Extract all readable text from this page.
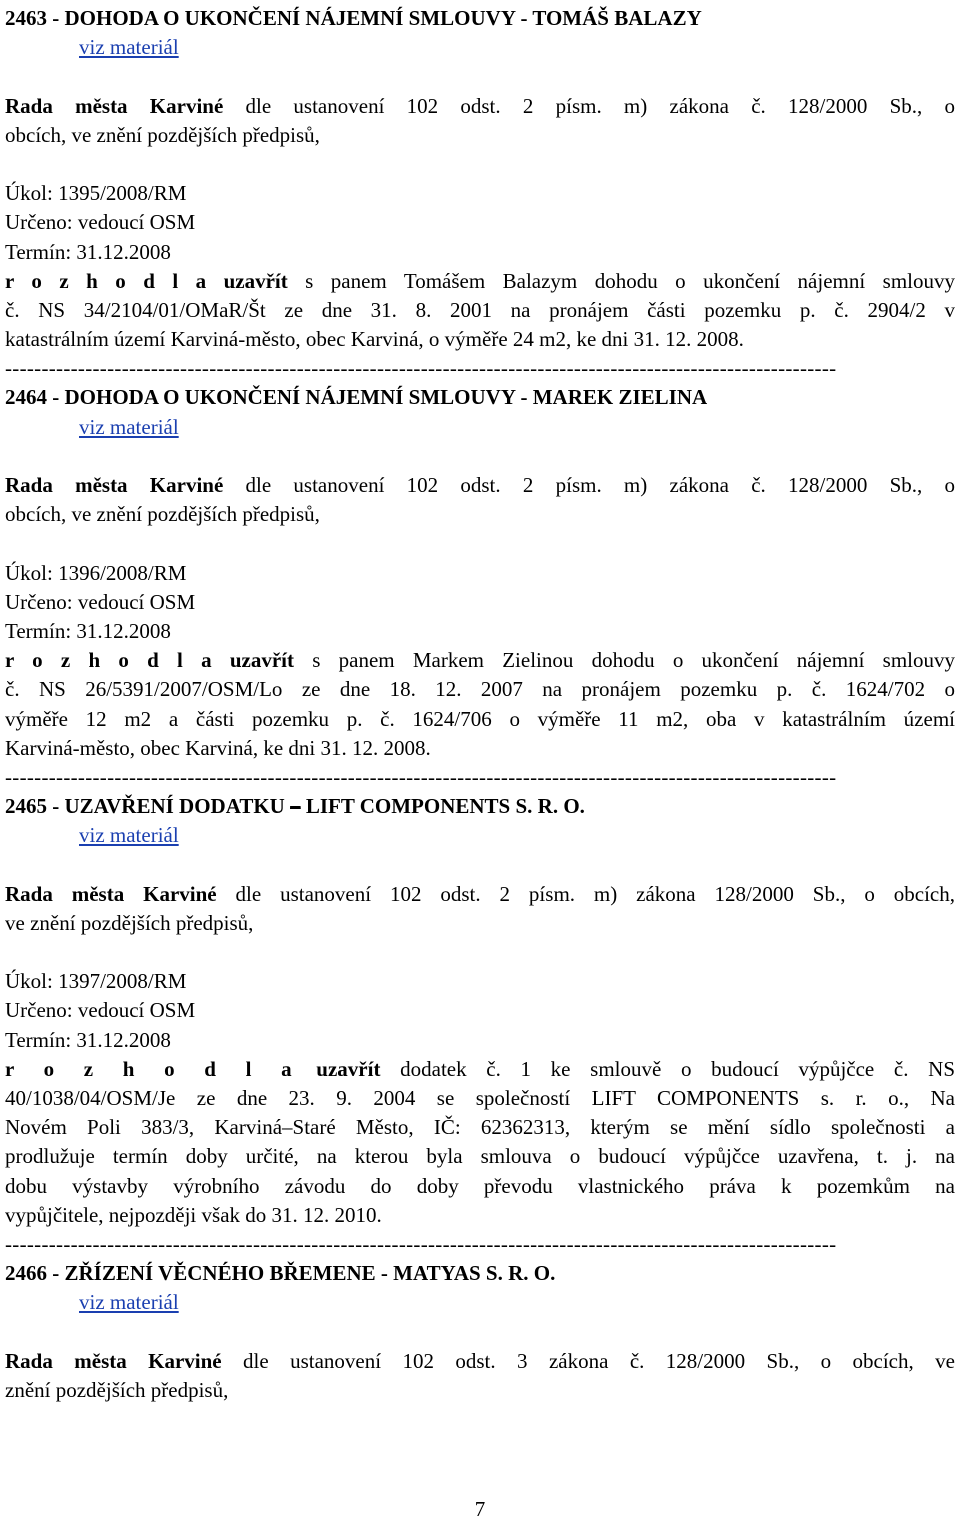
2463 - DOHODA O UKONČENÍ NÁJEMNÍ SMLOUVY - TOMÁŠ BALAZY
viz materiál
Rada města Karviné dle ustanovení 102 odst. 2 písm. m) zákona č. 128/2000 Sb., o
obcích, ve znění pozdějších předpisů,
Úkol: 1395/2008/RM
Určeno: vedoucí OSM
Termín: 31.12.2008
r o z h o d l a uzavřít s panem Tomášem Balazym dohodu o ukončení nájemní smlouvy
č. NS 34/2104/01/OMaR/Št ze dne 31. 8. 2001 na pronájem části pozemku p. č. 2904/2 v
katastrálním území Karviná-město, obec Karviná, o výměře 24 m2, ke dni 31. 12. 2008.
------------------------------------------------------------------------------------------------------------------
2464 - DOHODA O UKONČENÍ NÁJEMNÍ SMLOUVY - MAREK ZIELINA
viz materiál
Rada města Karviné dle ustanovení 102 odst. 2 písm. m) zákona č. 128/2000 Sb., o
obcích, ve znění pozdějších předpisů,
Úkol: 1396/2008/RM
Určeno: vedoucí OSM
Termín: 31.12.2008
r o z h o d l a uzavřít s panem Markem Zielinou dohodu o ukončení nájemní smlouvy
č. NS 26/5391/2007/OSM/Lo ze dne 18. 12. 2007 na pronájem pozemku p. č. 1624/702 o
výměře 12 m2 a části pozemku p. č. 1624/706 o výměře 11 m2, oba v katastrálním území
Karviná-město, obec Karviná, ke dni 31. 12. 2008.
------------------------------------------------------------------------------------------------------------------
2465 - UZAVŘENÍ DODATKU – LIFT COMPONENTS S. R. O.
viz materiál
Rada města Karviné dle ustanovení 102 odst. 2 písm. m) zákona 128/2000 Sb., o obcích,
ve znění pozdějších předpisů,
Úkol: 1397/2008/RM
Určeno: vedoucí OSM
Termín: 31.12.2008
r o z h o d l a uzavřít dodatek č. 1 ke smlouvě o budoucí výpůjčce č. NS
40/1038/04/OSM/Je ze dne 23. 9. 2004 se společností LIFT COMPONENTS s. r. o., Na
Novém Poli 383/3, Karviná–Staré Město, IČ: 62362313, kterým se mění sídlo společnosti a
prodlužuje termín doby určité, na kterou byla smlouva o budoucí výpůjčce uzavřena, t. j. na
dobu výstavby výrobního závodu do doby převodu vlastnického práva k pozemkům na
vypůjčitele, nejpozději však do 31. 12. 2010.
------------------------------------------------------------------------------------------------------------------
2466 - ZŘÍZENÍ VĚCNÉHO BŘEMENE - MATYAS S. R. O.
viz materiál
Rada města Karviné dle ustanovení 102 odst. 3 zákona č. 128/2000 Sb., o obcích, ve
znění pozdějších předpisů,
7
